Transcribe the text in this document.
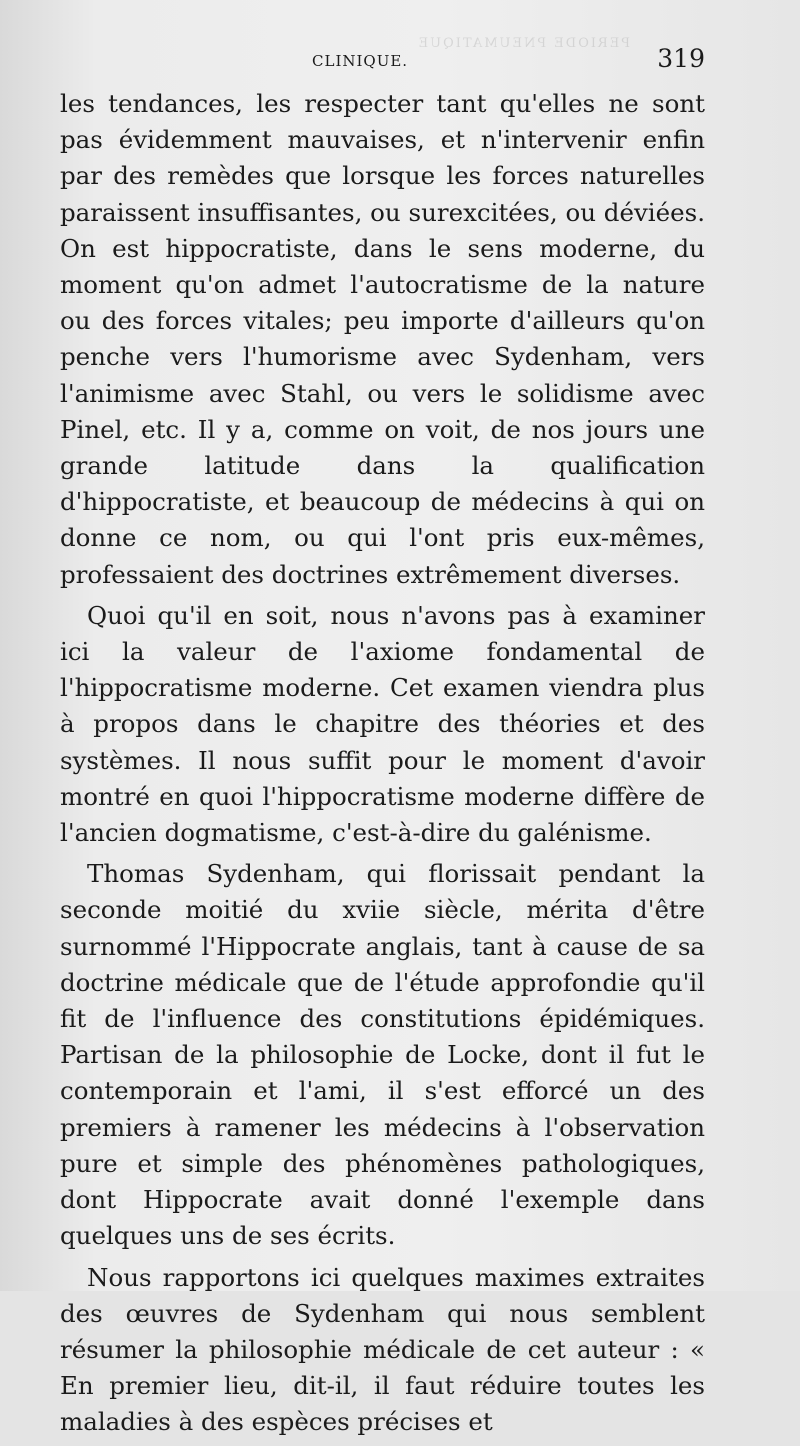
PERIODE PNEUMATIQUE
CLINIQUE.	319

les tendances, les respecter tant qu'elles ne sont pas évidemment mauvaises, et n'intervenir enfin par des remèdes que lorsque les forces naturelles paraissent insuffisantes, ou surexcitées, ou déviées. On est hippocratiste, dans le sens moderne, du moment qu'on admet l'autocratisme de la nature ou des forces vitales; peu importe d'ailleurs qu'on penche vers l'humorisme avec Sydenham, vers l'animisme avec Stahl, ou vers le solidisme avec Pinel, etc. Il y a, comme on voit, de nos jours une grande latitude dans la qualification d'hippocratiste, et beaucoup de médecins à qui on donne ce nom, ou qui l'ont pris eux-mêmes, professaient des doctrines extrêmement diverses.

Quoi qu'il en soit, nous n'avons pas à examiner ici la valeur de l'axiome fondamental de l'hippocratisme moderne. Cet examen viendra plus à propos dans le chapitre des théories et des systèmes. Il nous suffit pour le moment d'avoir montré en quoi l'hippocratisme moderne diffère de l'ancien dogmatisme, c'est-à-dire du galénisme.

Thomas Sydenham, qui florissait pendant la seconde moitié du xviie siècle, mérita d'être surnommé l'Hippocrate anglais, tant à cause de sa doctrine médicale que de l'étude approfondie qu'il fit de l'influence des constitutions épidémiques. Partisan de la philosophie de Locke, dont il fut le contemporain et l'ami, il s'est efforcé un des premiers à ramener les médecins à l'observation pure et simple des phénomènes pathologiques, dont Hippocrate avait donné l'exemple dans quelques uns de ses écrits.

Nous rapportons ici quelques maximes extraites des œuvres de Sydenham qui nous semblent résumer la philosophie médicale de cet auteur : « En premier lieu, dit-il, il faut réduire toutes les maladies à des espèces précises et
